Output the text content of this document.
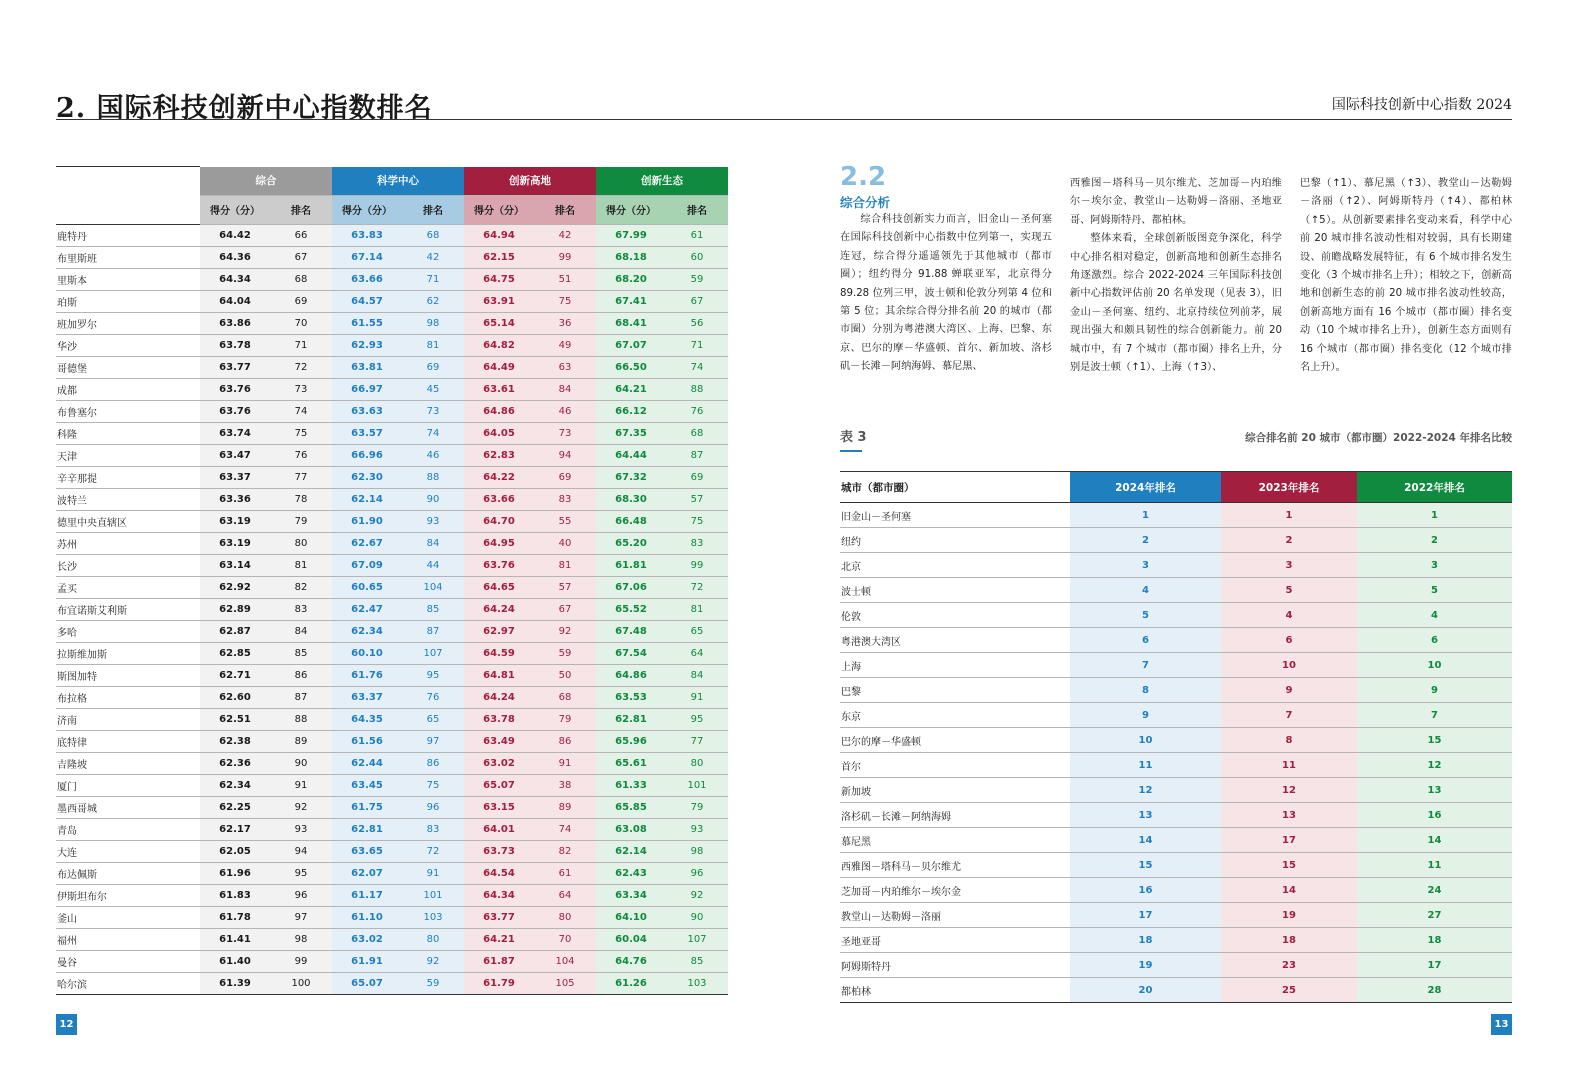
2. 国际科技创新中心指数排名	国际科技创新中心指数 2024
城市（都市圈）	综合		科学中心		创新高地		创新生态	
	得分（分）	排名	得分（分）	排名	得分（分）	排名	得分（分）	排名
鹿特丹	64.42	66	63.83	68	64.94	42	67.99	61
布里斯班	64.36	67	67.14	42	62.15	99	68.18	60
里斯本	64.34	68	63.66	71	64.75	51	68.20	59
珀斯	64.04	69	64.57	62	63.91	75	67.41	67
班加罗尔	63.86	70	61.55	98	65.14	36	68.41	56
华沙	63.78	71	62.93	81	64.82	49	67.07	71
哥德堡	63.77	72	63.81	69	64.49	63	66.50	74
成都	63.76	73	66.97	45	63.61	84	64.21	88
布鲁塞尔	63.76	74	63.63	73	64.86	46	66.12	76
科隆	63.74	75	63.57	74	64.05	73	67.35	68
天津	63.47	76	66.96	46	62.83	94	64.44	87
辛辛那提	63.37	77	62.30	88	64.22	69	67.32	69
波特兰	63.36	78	62.14	90	63.66	83	68.30	57
德里中央直辖区	63.19	79	61.90	93	64.70	55	66.48	75
苏州	63.19	80	62.67	84	64.95	40	65.20	83
长沙	63.14	81	67.09	44	63.76	81	61.81	99
孟买	62.92	82	60.65	104	64.65	57	67.06	72
布宜诺斯艾利斯	62.89	83	62.47	85	64.24	67	65.52	81
多哈	62.87	84	62.34	87	62.97	92	67.48	65
拉斯维加斯	62.85	85	60.10	107	64.59	59	67.54	64
斯图加特	62.71	86	61.76	95	64.81	50	64.86	84
布拉格	62.60	87	63.37	76	64.24	68	63.53	91
济南	62.51	88	64.35	65	63.78	79	62.81	95
底特律	62.38	89	61.56	97	63.49	86	65.96	77
吉隆坡	62.36	90	62.44	86	63.02	91	65.61	80
厦门	62.34	91	63.45	75	65.07	38	61.33	101
墨西哥城	62.25	92	61.75	96	63.15	89	65.85	79
青岛	62.17	93	62.81	83	64.01	74	63.08	93
大连	62.05	94	63.65	72	63.73	82	62.14	98
布达佩斯	61.96	95	62.07	91	64.54	61	62.43	96
伊斯坦布尔	61.83	96	61.17	101	64.34	64	63.34	92
釜山	61.78	97	61.10	103	63.77	80	64.10	90
福州	61.41	98	63.02	80	64.21	70	60.04	107
曼谷	61.40	99	61.91	92	61.87	104	64.76	85
哈尔滨	61.39	100	65.07	59	61.79	105	61.26	103
12	13
2.2
综合分析
综合科技创新实力而言，旧金山－圣何塞在国际科技创新中心指数中位列第一，实现五连冠，综合得分遥遥领先于其他城市（都市圈）；纽约得分 91.88 蝉联亚军，北京得分 89.28 位列三甲，波士顿和伦敦分列第 4 位和第 5 位；其余综合得分排名前 20 的城市（都市圈）分别为粤港澳大湾区、上海、巴黎、东京、巴尔的摩－华盛顿、首尔、新加坡、洛杉矶－长滩－阿纳海姆、慕尼黑、
西雅图－塔科马－贝尔维尤、芝加哥－内珀维尔－埃尔金、教堂山－达勒姆－洛丽、圣地亚哥、阿姆斯特丹、都柏林。
整体来看，全球创新版图竞争深化，科学中心排名相对稳定，创新高地和创新生态排名角逐激烈。综合 2022-2024 三年国际科技创新中心指数评估前 20 名单发现（见表 3），旧金山－圣何塞、纽约、北京持续位列前茅，展现出强大和颇具韧性的综合创新能力。前 20 城市中，有 7 个城市（都市圈）排名上升，分别是波士顿（↑1）、上海（↑3）、
巴黎（↑1）、慕尼黑（↑3）、教堂山－达勒姆－洛丽（↑2）、阿姆斯特丹（↑4）、都柏林（↑5）。从创新要素排名变动来看，科学中心前 20 城市排名波动性相对较弱，具有长期建设、前瞻战略发展特征，有 6 个城市排名发生变化（3 个城市排名上升）；相较之下，创新高地和创新生态的前 20 城市排名波动性较高，创新高地方面有 16 个城市（都市圈）排名变动（10 个城市排名上升），创新生态方面则有 16 个城市（都市圈）排名变化（12 个城市排名上升）。
表 3	综合排名前 20 城市（都市圈）2022-2024 年排名比较
城市（都市圈）	2024年排名	2023年排名	2022年排名
旧金山－圣何塞	1	1	1
纽约	2	2	2
北京	3	3	3
波士顿	4	5	5
伦敦	5	4	4
粤港澳大湾区	6	6	6
上海	7	10	10
巴黎	8	9	9
东京	9	7	7
巴尔的摩－华盛顿	10	8	15
首尔	11	11	12
新加坡	12	12	13
洛杉矶－长滩－阿纳海姆	13	13	16
慕尼黑	14	17	14
西雅图－塔科马－贝尔维尤	15	15	11
芝加哥－内珀维尔－埃尔金	16	14	24
教堂山－达勒姆－洛丽	17	19	27
圣地亚哥	18	18	18
阿姆斯特丹	19	23	17
都柏林	20	25	28
